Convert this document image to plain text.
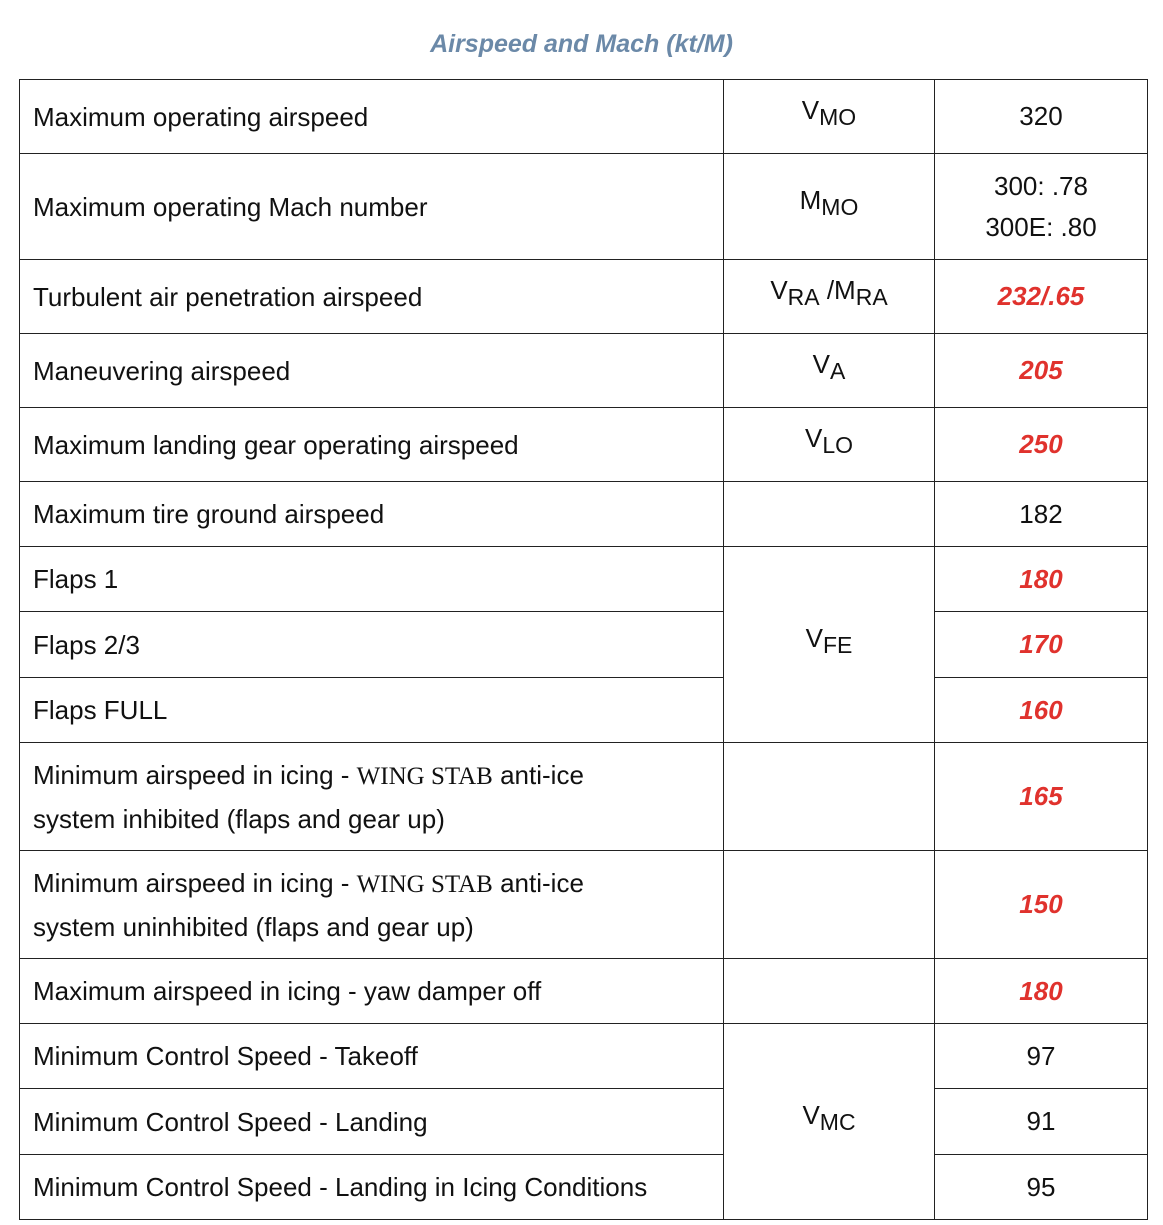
Airspeed and Mach (kt/M)
Maximum operating airspeed	VMO	320
Maximum operating Mach number	MMO	300: .78
300E: .80

Turbulent air penetration airspeed	VRA /MRA	232/.65
Maneuvering airspeed	VA	205
Maximum landing gear operating airspeed	VLO	250
Maximum tire ground airspeed		182
Flaps 1	VFE	180
Flaps 2/3		170
Flaps FULL		160

Minimum airspeed in icing - WING STAB anti-ice
system inhibited (flaps and gear up)		165

Minimum airspeed in icing - WING STAB anti-ice
system uninhibited (flaps and gear up)		150
Maximum airspeed in icing - yaw damper off		180
Minimum Control Speed - Takeoff	VMC	97
Minimum Control Speed - Landing		91
Minimum Control Speed - Landing in Icing Conditions		95
